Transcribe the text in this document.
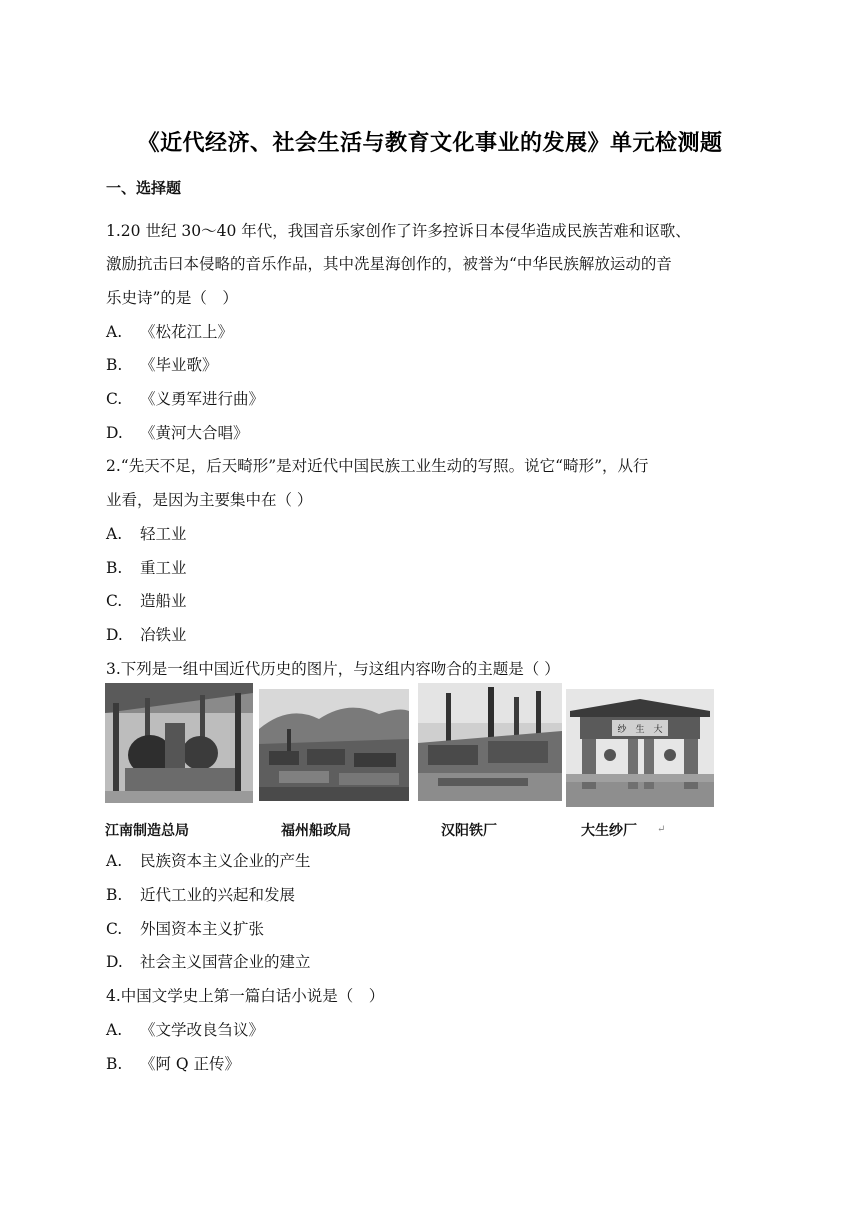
《近代经济、社会生活与教育文化事业的发展》单元检测题
一、选择题
1.20 世纪 30～40 年代，我国音乐家创作了许多控诉日本侵华造成民族苦难和讴歌、
激励抗击曰本侵略的音乐作品，其中冼星海创作的，被誉为“中华民族解放运动的音
乐史诗”的是（　）
A. 《松花江上》
B. 《毕业歌》
C. 《义勇军进行曲》
D. 《黄河大合唱》
2.“先天不足，后天畸形”是对近代中国民族工业生动的写照。说它“畸形”，从行
业看，是因为主要集中在（ ）
A. 轻工业
B. 重工业
C. 造船业
D. 冶铁业
3.下列是一组中国近代历史的图片，与这组内容吻合的主题是（ ）
纱　生　大
江南制造总局	福州船政局	汉阳铁厂	大生纱厂 ↵
A. 民族资本主义企业的产生
B. 近代工业的兴起和发展
C. 外国资本主义扩张
D. 社会主义国营企业的建立
4.中国文学史上第一篇白话小说是（　）
A. 《文学改良刍议》
B. 《阿 Q 正传》
